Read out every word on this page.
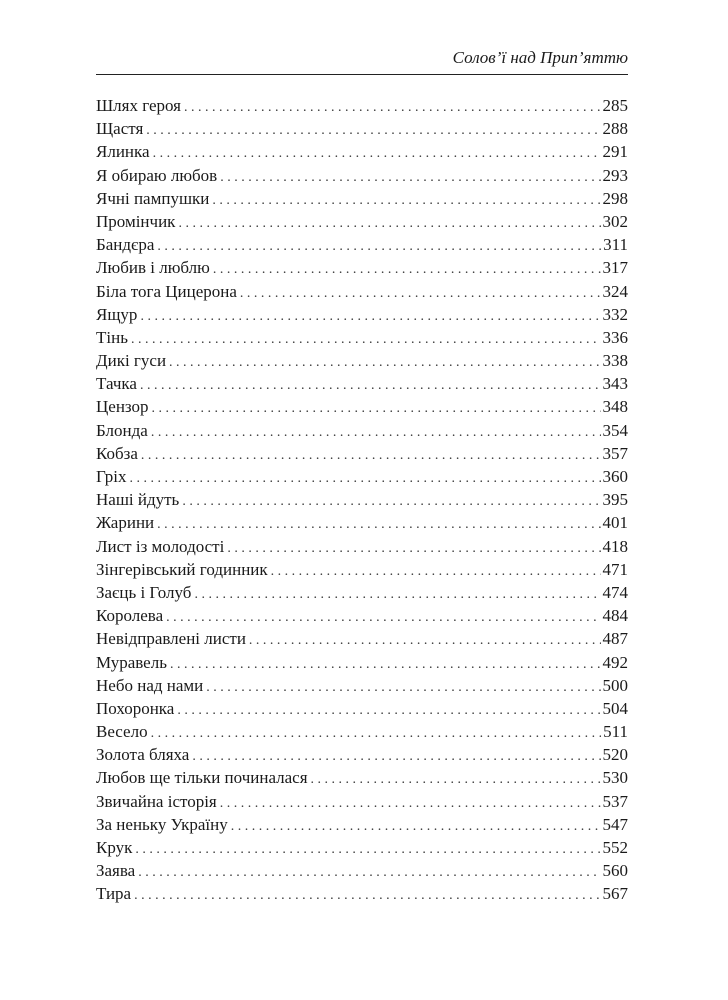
Солов’ї над Прип’яттю
Шлях героя . . .	285
Щастя . . .	288
Ялинка . . .	291
Я обираю любов . . .	293
Ячні пампушки . . .	298
Промінчик . . .	302
Бандєра . . .	311
Любив і люблю . . .	317
Біла тога Цицерона . . .	324
Ящур . . .	332
Тінь . . .	336
Дикі гуси . . .	338
Тачка . . .	343
Цензор . . .	348
Блонда . . .	354
Кобза . . .	357
Гріх . . .	360
Наші йдуть . . .	395
Жарини . . .	401
Лист із молодості . . .	418
Зінгерівський годинник . . .	471
Заєць і Голуб . . .	474
Королева . . .	484
Невідправлені листи . . .	487
Муравель . . .	492
Небо над нами . . .	500
Похоронка . . .	504
Весело . . .	511
Золота бляха . . .	520
Любов ще тільки починалася . . .	530
Звичайна історія . . .	537
За неньку Україну . . .	547
Крук . . .	552
Заява . . .	560
Тира . . .	567
